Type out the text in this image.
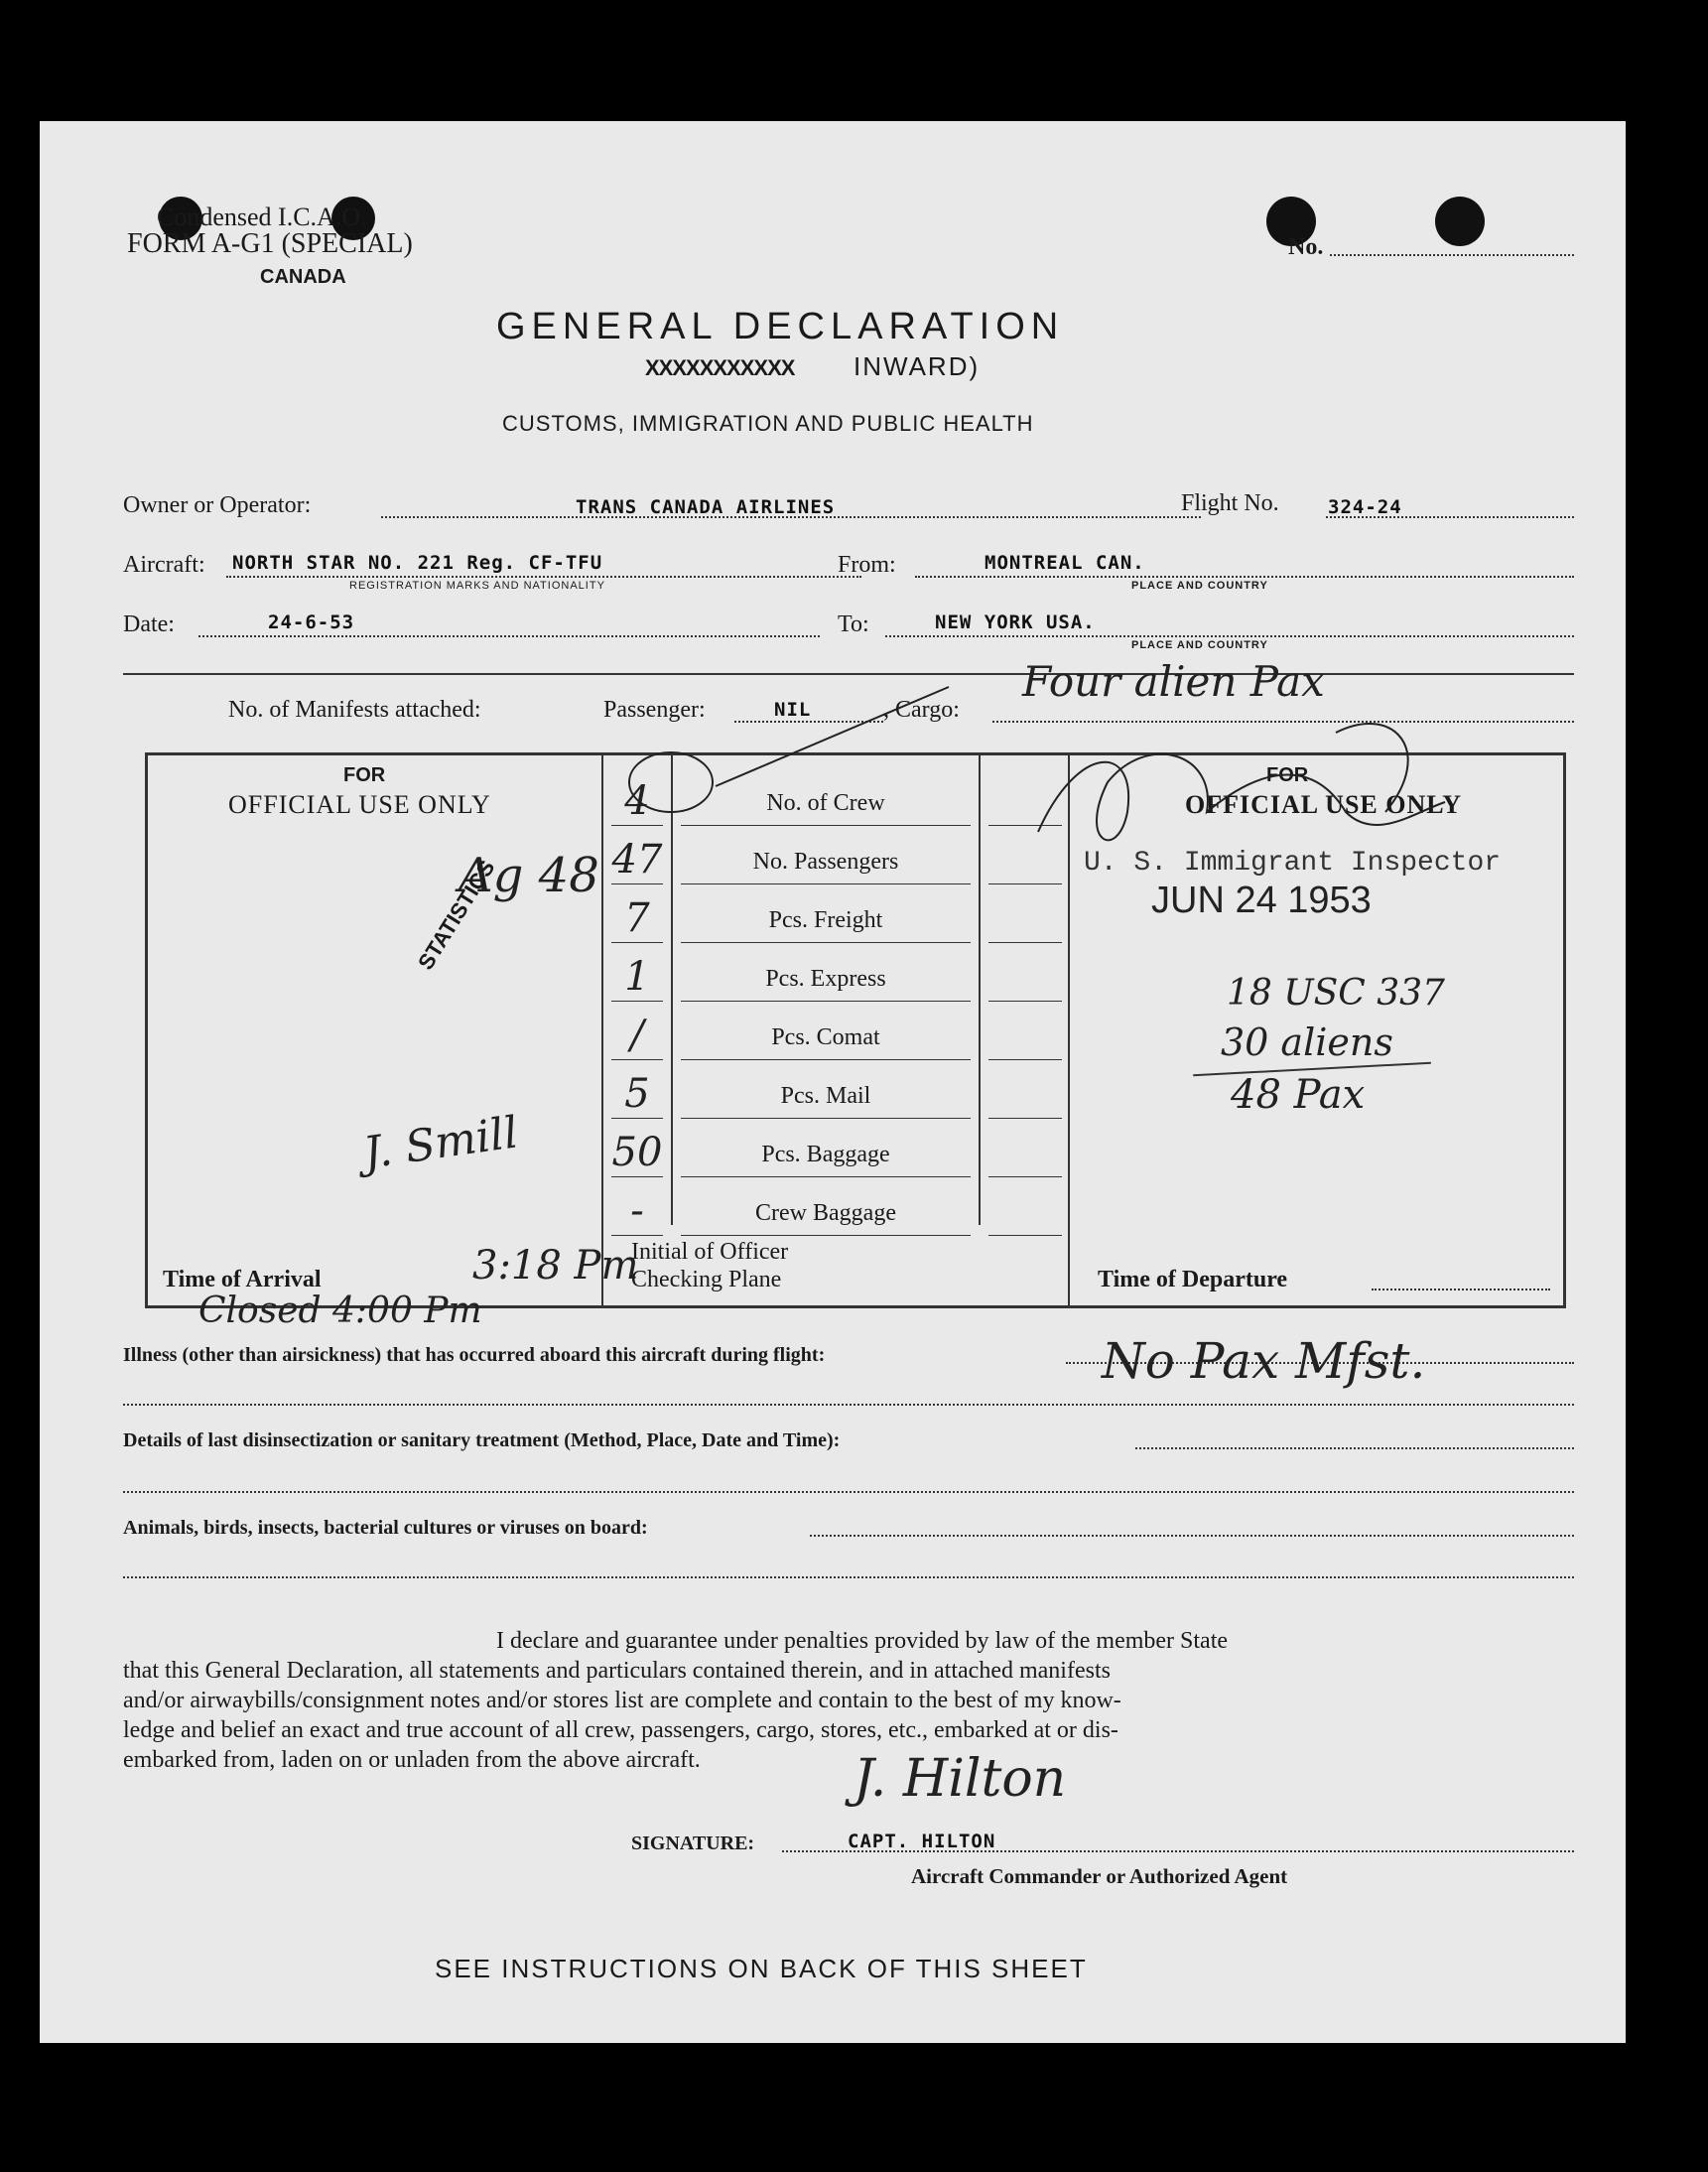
Condensed I.C.A.O.
FORM A-G1 (SPECIAL)
CANADA
No.
GENERAL DECLARATION
XXXXXXXXXXX INWARD)
CUSTOMS, IMMIGRATION AND PUBLIC HEALTH
Owner or Operator:	TRANS CANADA AIRLINES	Flight No.	324-24
Aircraft: NORTH STAR NO. 221 Reg. CF-TFU
REGISTRATION MARKS AND NATIONALITY
From:	MONTREAL CAN.
PLACE AND COUNTRY
Date:	24-6-53	To:	NEW YORK USA.
PLACE AND COUNTRY
No. of Manifests attached:	Passenger:	NIL	, Cargo:
Four alien Pax
FOR
OFFICIAL USE ONLY
FOR
OFFICIAL USE ONLY
4	No. of Crew
47	No. Passengers
7	Pcs. Freight
1	Pcs. Express
/	Pcs. Comat
5	Pcs. Mail
50	Pcs. Baggage
-	Crew Baggage
Initial of Officer
Checking Plane
Time of Arrival	3:18 Pm	Time of Departure
Ag 48
STATISTICS
J. Smill
U. S. Immigrant Inspector
JUN 24 1953
18 USC 337
30 aliens
48 Pax
Closed 4:00 Pm
Illness (other than airsickness) that has occurred aboard this aircraft during flight:	No Pax Mfst.
Details of last disinsectization or sanitary treatment (Method, Place, Date and Time):
Animals, birds, insects, bacterial cultures or viruses on board:
I declare and guarantee under penalties provided by law of the member State
that this General Declaration, all statements and particulars contained therein, and in attached manifests
and/or airwaybills/consignment notes and/or stores list are complete and contain to the best of my know-
ledge and belief an exact and true account of all crew, passengers, cargo, stores, etc., embarked at or dis-
embarked from, laden on or unladen from the above aircraft.	J. Hilton
SIGNATURE:	CAPT. HILTON
Aircraft Commander or Authorized Agent
SEE INSTRUCTIONS ON BACK OF THIS SHEET
